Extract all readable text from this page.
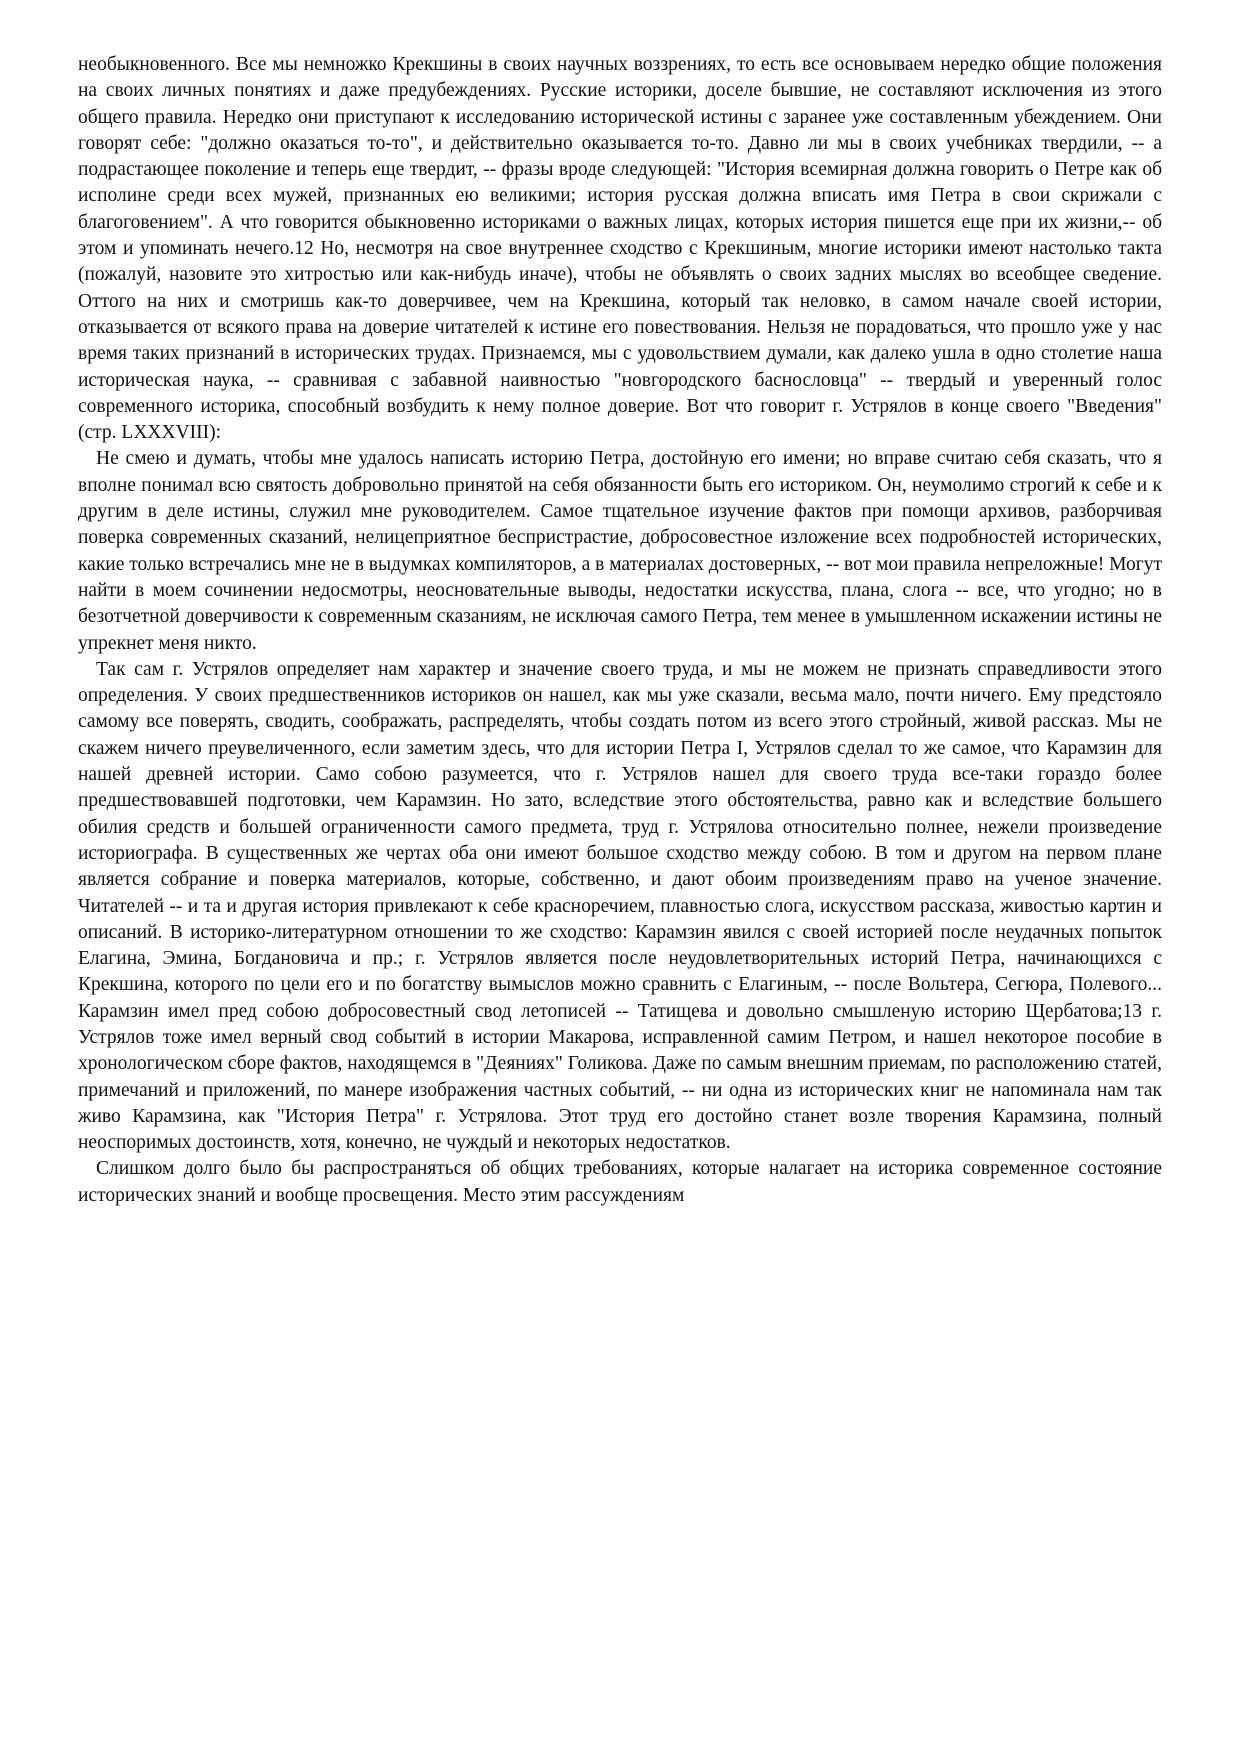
необыкновенного. Все мы немножко Крекшины в своих научных воззрениях, то есть все основываем нередко общие положения на своих личных понятиях и даже предубеждениях. Русские историки, доселе бывшие, не составляют исключения из этого общего правила. Нередко они приступают к исследованию исторической истины с заранее уже составленным убеждением. Они говорят себе: "должно оказаться то-то", и действительно оказывается то-то. Давно ли мы в своих учебниках твердили, -- а подрастающее поколение и теперь еще твердит, -- фразы вроде следующей: "История всемирная должна говорить о Петре как об исполине среди всех мужей, признанных ею великими; история русская должна вписать имя Петра в свои скрижали с благоговением". А что говорится обыкновенно историками о важных лицах, которых история пишется еще при их жизни,-- об этом и упоминать нечего.12 Но, несмотря на свое внутреннее сходство с Крекшиным, многие историки имеют настолько такта (пожалуй, назовите это хитростью или как-нибудь иначе), чтобы не объявлять о своих задних мыслях во всеобщее сведение. Оттого на них и смотришь как-то доверчивее, чем на Крекшина, который так неловко, в самом начале своей истории, отказывается от всякого права на доверие читателей к истине его повествования. Нельзя не порадоваться, что прошло уже у нас время таких признаний в исторических трудах. Признаемся, мы с удовольствием думали, как далеко ушла в одно столетие наша историческая наука, -- сравнивая с забавной наивностью "новгородского баснословца" -- твердый и уверенный голос современного историка, способный возбудить к нему полное доверие. Вот что говорит г. Устрялов в конце своего "Введения" (стр. LXXXVIII):

Не смею и думать, чтобы мне удалось написать историю Петра, достойную его имени; но вправе считаю себя сказать, что я вполне понимал всю святость добровольно принятой на себя обязанности быть его историком. Он, неумолимо строгий к себе и к другим в деле истины, служил мне руководителем. Самое тщательное изучение фактов при помощи архивов, разборчивая поверка современных сказаний, нелицеприятное беспристрастие, добросовестное изложение всех подробностей исторических, какие только встречались мне не в выдумках компиляторов, а в материалах достоверных, -- вот мои правила непреложные! Могут найти в моем сочинении недосмотры, неосновательные выводы, недостатки искусства, плана, слога -- все, что угодно; но в безотчетной доверчивости к современным сказаниям, не исключая самого Петра, тем менее в умышленном искажении истины не упрекнет меня никто.

Так сам г. Устрялов определяет нам характер и значение своего труда, и мы не можем не признать справедливости этого определения. У своих предшественников историков он нашел, как мы уже сказали, весьма мало, почти ничего. Ему предстояло самому все поверять, сводить, соображать, распределять, чтобы создать потом из всего этого стройный, живой рассказ. Мы не скажем ничего преувеличенного, если заметим здесь, что для истории Петра I, Устрялов сделал то же самое, что Карамзин для нашей древней истории. Само собою разумеется, что г. Устрялов нашел для своего труда все-таки гораздо более предшествовавшей подготовки, чем Карамзин. Но зато, вследствие этого обстоятельства, равно как и вследствие большего обилия средств и большей ограниченности самого предмета, труд г. Устрялова относительно полнее, нежели произведение историографа. В существенных же чертах оба они имеют большое сходство между собою. В том и другом на первом плане является собрание и поверка материалов, которые, собственно, и дают обоим произведениям право на ученое значение. Читателей -- и та и другая история привлекают к себе красноречием, плавностью слога, искусством рассказа, живостью картин и описаний. В историко-литературном отношении то же сходство: Карамзин явился с своей историей после неудачных попыток Елагина, Эмина, Богдановича и пр.; г. Устрялов является после неудовлетворительных историй Петра, начинающихся с Крекшина, которого по цели его и по богатству вымыслов можно сравнить с Елагиным, -- после Вольтера, Сегюра, Полевого... Карамзин имел пред собою добросовестный свод летописей -- Татищева и довольно смышленую историю Щербатова;13 г. Устрялов тоже имел верный свод событий в истории Макарова, исправленной самим Петром, и нашел некоторое пособие в хронологическом сборе фактов, находящемся в "Деяниях" Голикова. Даже по самым внешним приемам, по расположению статей, примечаний и приложений, по манере изображения частных событий, -- ни одна из исторических книг не напоминала нам так живо Карамзина, как "История Петра" г. Устрялова. Этот труд его достойно станет возле творения Карамзина, полный неоспоримых достоинств, хотя, конечно, не чуждый и некоторых недостатков.

Слишком долго было бы распространяться об общих требованиях, которые налагает на историка современное состояние исторических знаний и вообще просвещения. Место этим рассуждениям
